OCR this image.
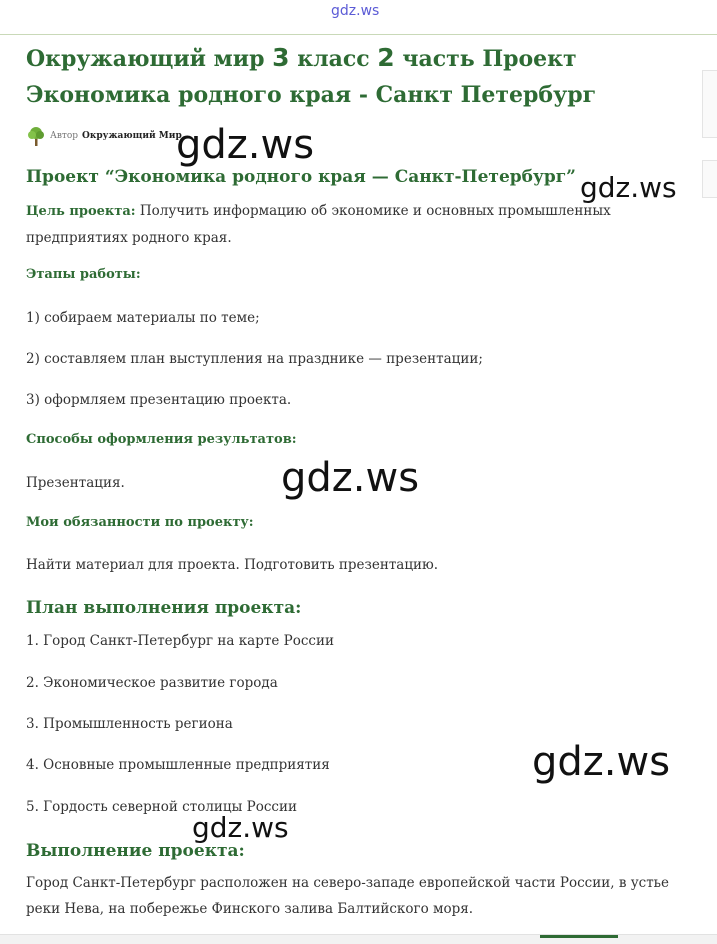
gdz.ws
Окружающий мир 3 класс 2 часть Проект Экономика родного края - Санкт Петербург
Автор Окружающий Мир
Проект “Экономика родного края — Санкт-Петербург”

Цель проекта: Получить информацию об экономике и основных промышленных предприятиях родного края.

Этапы работы:

1) собираем материалы по теме;

2) составляем план выступления на празднике — презентации;

3) оформляем презентацию проекта.

Способы оформления результатов:

Презентация.

Мои обязанности по проекту:

Найти материал для проекта. Подготовить презентацию.

План выполнения проекта:

1. Город Санкт-Петербург на карте России

2. Экономическое развитие города

3. Промышленность региона

4. Основные промышленные предприятия

5. Гордость северной столицы России

Выполнение проекта:

Город Санкт-Петербург расположен на северо-западе европейской части России, в устье реки Нева, на побережье Финского залива Балтийского моря.

gdz.ws
gdz.ws
gdz.ws
gdz.ws
gdz.ws
